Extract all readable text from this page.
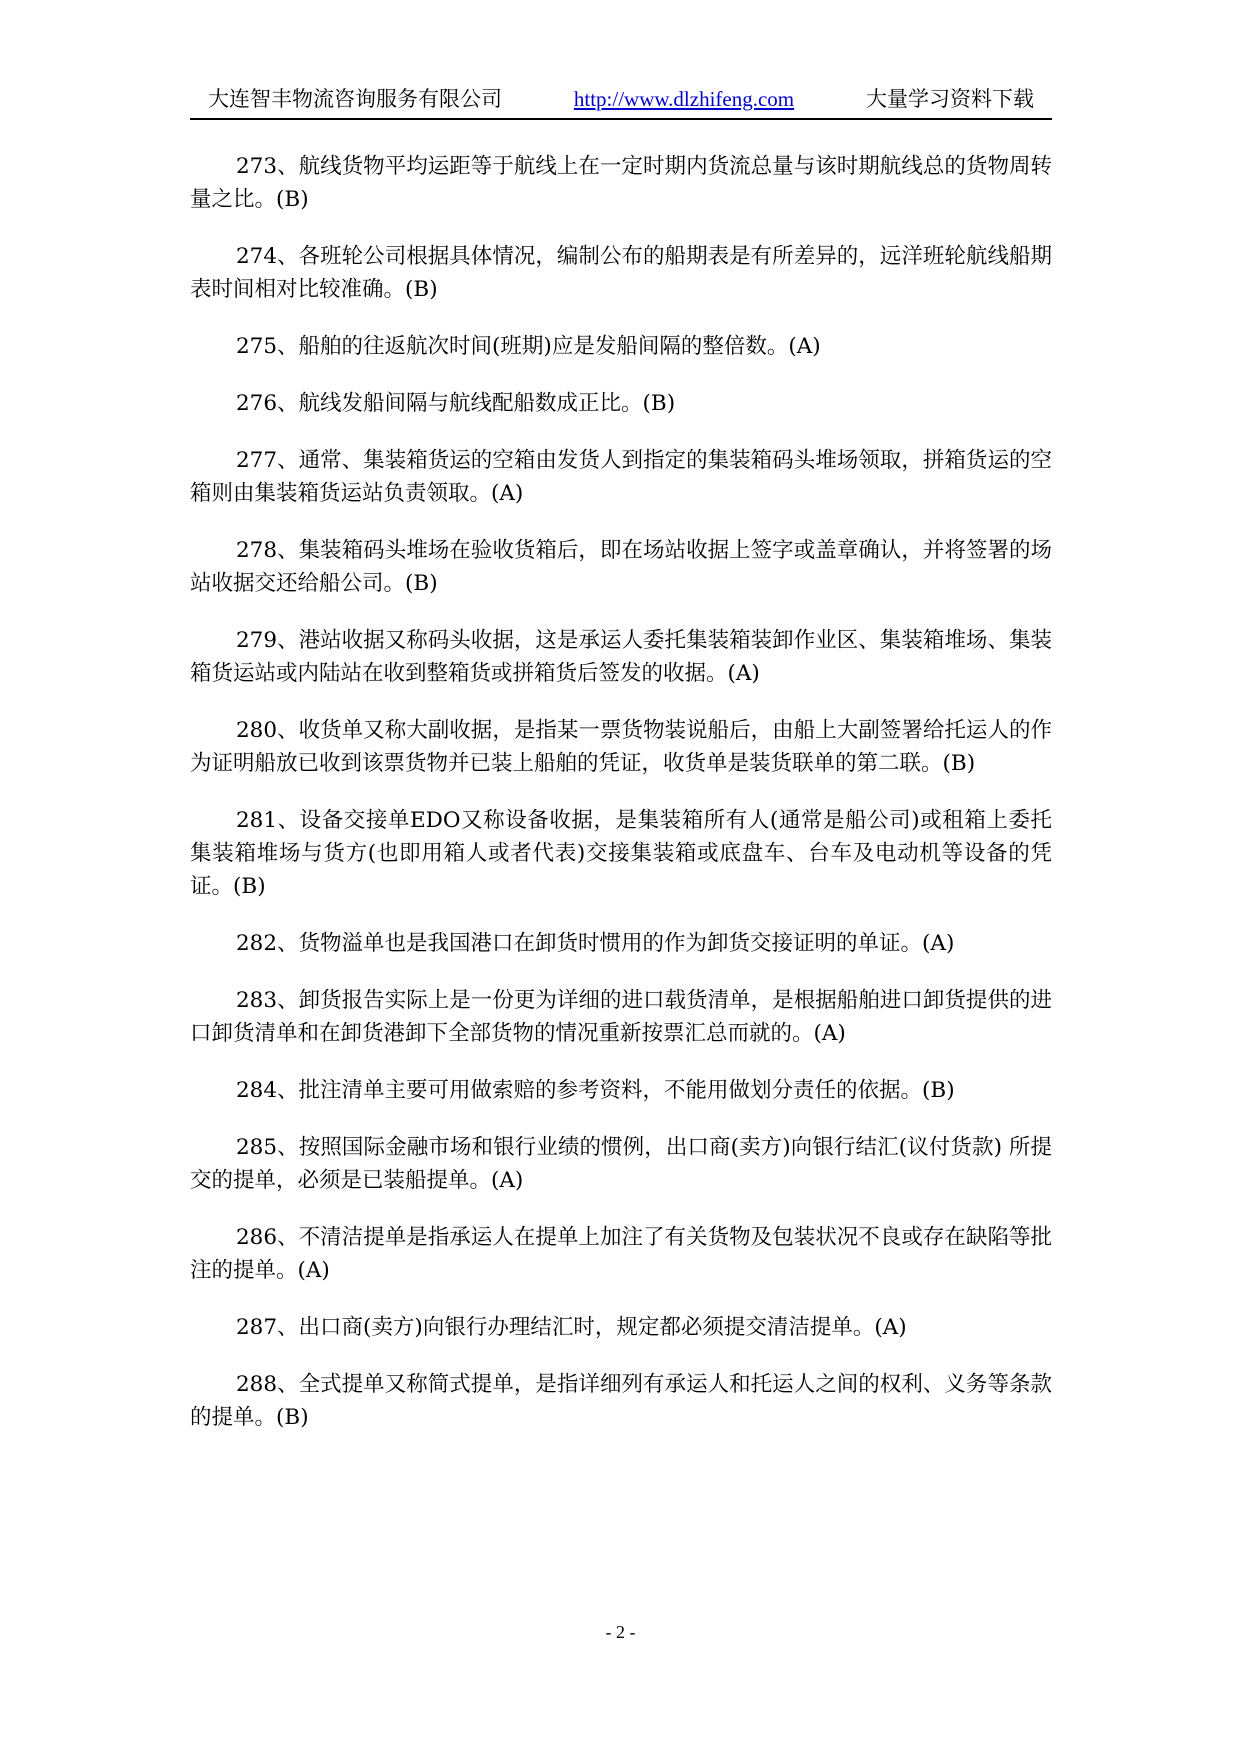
大连智丰物流咨询服务有限公司	http://www.dlzhifeng.com	大量学习资料下载

273、航线货物平均运距等于航线上在一定时期内货流总量与该时期航线总的货物周转量之比。(B)

274、各班轮公司根据具体情况，编制公布的船期表是有所差异的，远洋班轮航线船期表时间相对比较准确。(B)

275、船舶的往返航次时间(班期)应是发船间隔的整倍数。(A)

276、航线发船间隔与航线配船数成正比。(B)

277、通常、集装箱货运的空箱由发货人到指定的集装箱码头堆场领取，拼箱货运的空箱则由集装箱货运站负责领取。(A)

278、集装箱码头堆场在验收货箱后，即在场站收据上签字或盖章确认，并将签署的场站收据交还给船公司。(B)

279、港站收据又称码头收据，这是承运人委托集装箱装卸作业区、集装箱堆场、集装箱货运站或内陆站在收到整箱货或拼箱货后签发的收据。(A)

280、收货单又称大副收据，是指某一票货物装说船后，由船上大副签署给托运人的作为证明船放已收到该票货物并已装上船舶的凭证，收货单是装货联单的第二联。(B)

281、设备交接单EDO又称设备收据，是集装箱所有人(通常是船公司)或租箱上委托集装箱堆场与货方(也即用箱人或者代表)交接集装箱或底盘车、台车及电动机等设备的凭证。(B)

282、货物溢单也是我国港口在卸货时惯用的作为卸货交接证明的单证。(A)

283、卸货报告实际上是一份更为详细的进口载货清单，是根据船舶进口卸货提供的进口卸货清单和在卸货港卸下全部货物的情况重新按票汇总而就的。(A)

284、批注清单主要可用做索赔的参考资料，不能用做划分责任的依据。(B)

285、按照国际金融市场和银行业绩的惯例，出口商(卖方)向银行结汇(议付货款) 所提交的提单，必须是已装船提单。(A)

286、不清洁提单是指承运人在提单上加注了有关货物及包装状况不良或存在缺陷等批注的提单。(A)

287、出口商(卖方)向银行办理结汇时，规定都必须提交清洁提单。(A)

288、全式提单又称简式提单，是指详细列有承运人和托运人之间的权利、义务等条款的提单。(B)

- 2 -
